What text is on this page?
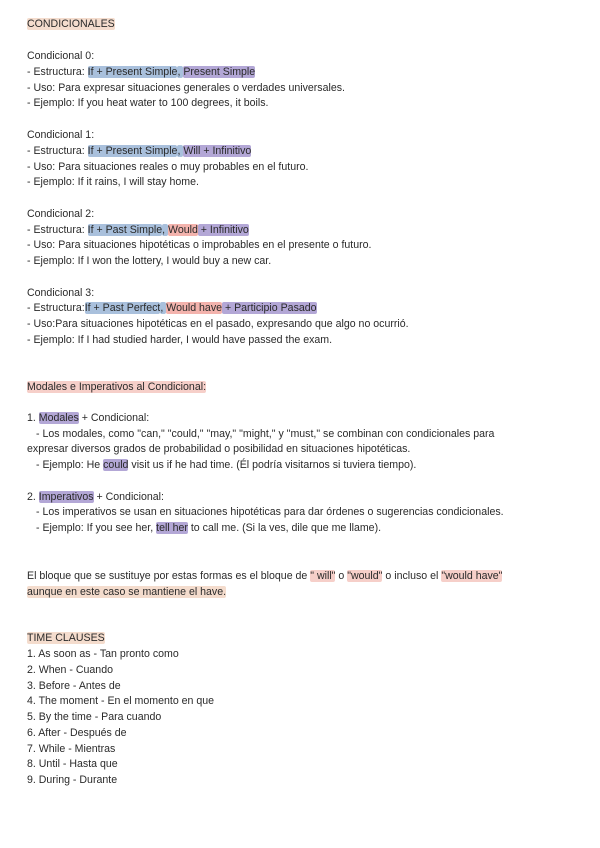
CONDICIONALES
Condicional 0:
- Estructura: If + Present Simple, Present Simple
- Uso: Para expresar situaciones generales o verdades universales.
- Ejemplo: If you heat water to 100 degrees, it boils.
Condicional 1:
- Estructura: If + Present Simple, Will + Infinitivo
- Uso: Para situaciones reales o muy probables en el futuro.
- Ejemplo: If it rains, I will stay home.
Condicional 2:
- Estructura: If + Past Simple, Would + Infinitivo
- Uso: Para situaciones hipotéticas o improbables en el presente o futuro.
- Ejemplo: If I won the lottery, I would buy a new car.
Condicional 3:
- Estructura:If + Past Perfect, Would have + Participio Pasado
- Uso:Para situaciones hipotéticas en el pasado, expresando que algo no ocurrió.
- Ejemplo: If I had studied harder, I would have passed the exam.
Modales e Imperativos al Condicional:
1. Modales + Condicional:
- Los modales, como "can," "could," "may," "might," y "must," se combinan con condicionales para
expresar diversos grados de probabilidad o posibilidad en situaciones hipotéticas.
- Ejemplo: He could visit us if he had time. (Él podría visitarnos si tuviera tiempo).
2. Imperativos + Condicional:
- Los imperativos se usan en situaciones hipotéticas para dar órdenes o sugerencias condicionales.
- Ejemplo: If you see her, tell her to call me. (Si la ves, dile que me llame).
El bloque que se sustituye por estas formas es el bloque de " will" o "would" o incluso el "would have"
aunque en este caso se mantiene el have.
TIME CLAUSES
1. As soon as - Tan pronto como
2. When - Cuando
3. Before - Antes de
4. The moment - En el momento en que
5. By the time - Para cuando
6. After - Después de
7. While - Mientras
8. Until - Hasta que
9. During - Durante
